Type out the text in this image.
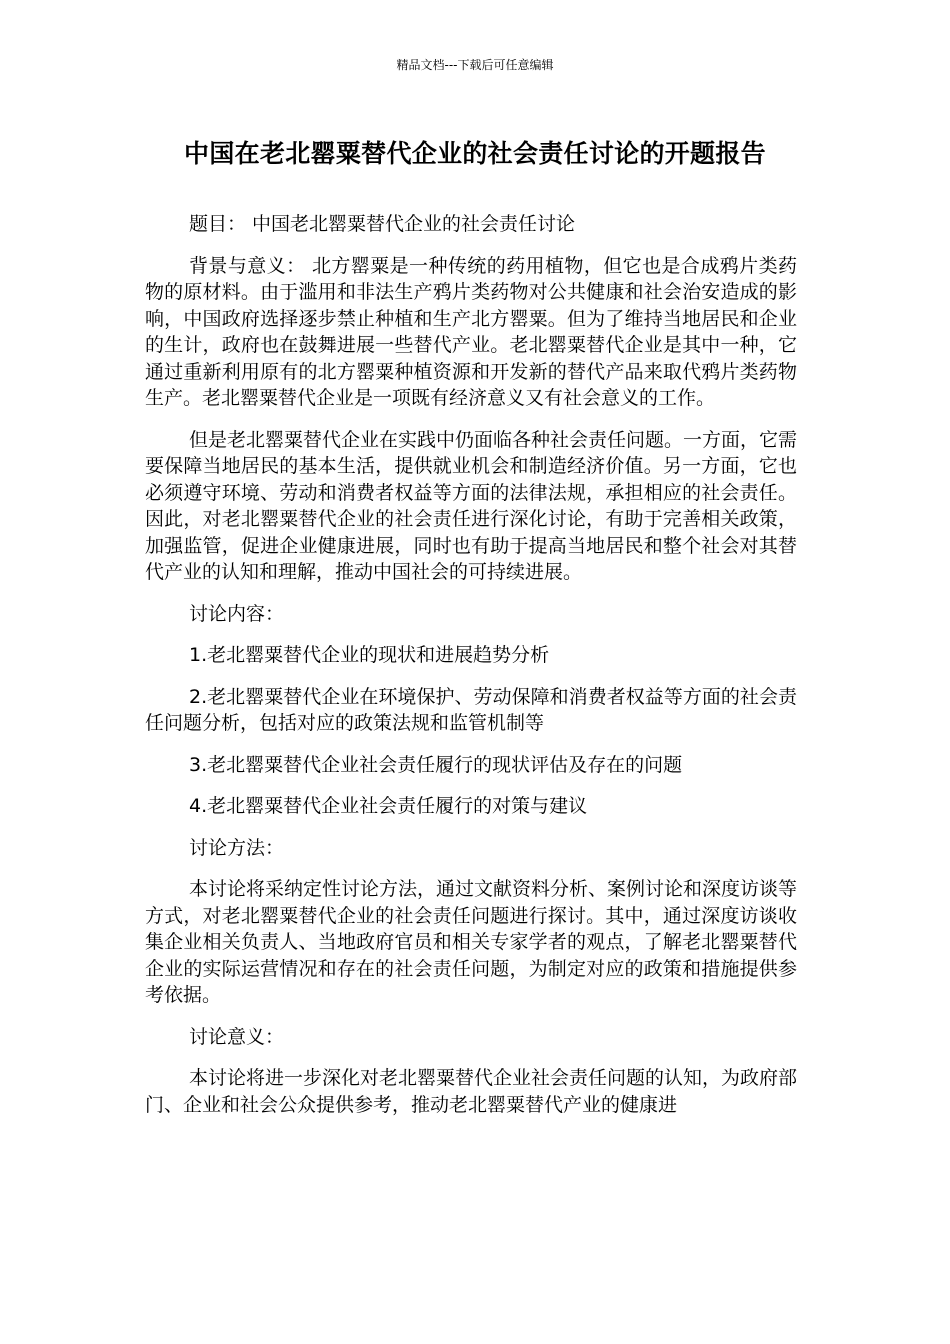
精品文档---下载后可任意编辑
中国在老北罂粟替代企业的社会责任讨论的开题报告

题目： 中国老北罂粟替代企业的社会责任讨论

背景与意义： 北方罂粟是一种传统的药用植物，但它也是合成鸦片类药物的原材料。由于滥用和非法生产鸦片类药物对公共健康和社会治安造成的影响，中国政府选择逐步禁止种植和生产北方罂粟。但为了维持当地居民和企业的生计，政府也在鼓舞进展一些替代产业。老北罂粟替代企业是其中一种，它通过重新利用原有的北方罂粟种植资源和开发新的替代产品来取代鸦片类药物生产。老北罂粟替代企业是一项既有经济意义又有社会意义的工作。

但是老北罂粟替代企业在实践中仍面临各种社会责任问题。一方面，它需要保障当地居民的基本生活，提供就业机会和制造经济价值。另一方面，它也必须遵守环境、劳动和消费者权益等方面的法律法规，承担相应的社会责任。因此，对老北罂粟替代企业的社会责任进行深化讨论，有助于完善相关政策，加强监管，促进企业健康进展，同时也有助于提高当地居民和整个社会对其替代产业的认知和理解，推动中国社会的可持续进展。

讨论内容：

1.老北罂粟替代企业的现状和进展趋势分析

2.老北罂粟替代企业在环境保护、劳动保障和消费者权益等方面的社会责任问题分析，包括对应的政策法规和监管机制等

3.老北罂粟替代企业社会责任履行的现状评估及存在的问题

4.老北罂粟替代企业社会责任履行的对策与建议

讨论方法：

本讨论将采纳定性讨论方法，通过文献资料分析、案例讨论和深度访谈等方式，对老北罂粟替代企业的社会责任问题进行探讨。其中，通过深度访谈收集企业相关负责人、当地政府官员和相关专家学者的观点，了解老北罂粟替代企业的实际运营情况和存在的社会责任问题，为制定对应的政策和措施提供参考依据。

讨论意义：

本讨论将进一步深化对老北罂粟替代企业社会责任问题的认知，为政府部门、企业和社会公众提供参考，推动老北罂粟替代产业的健康进
